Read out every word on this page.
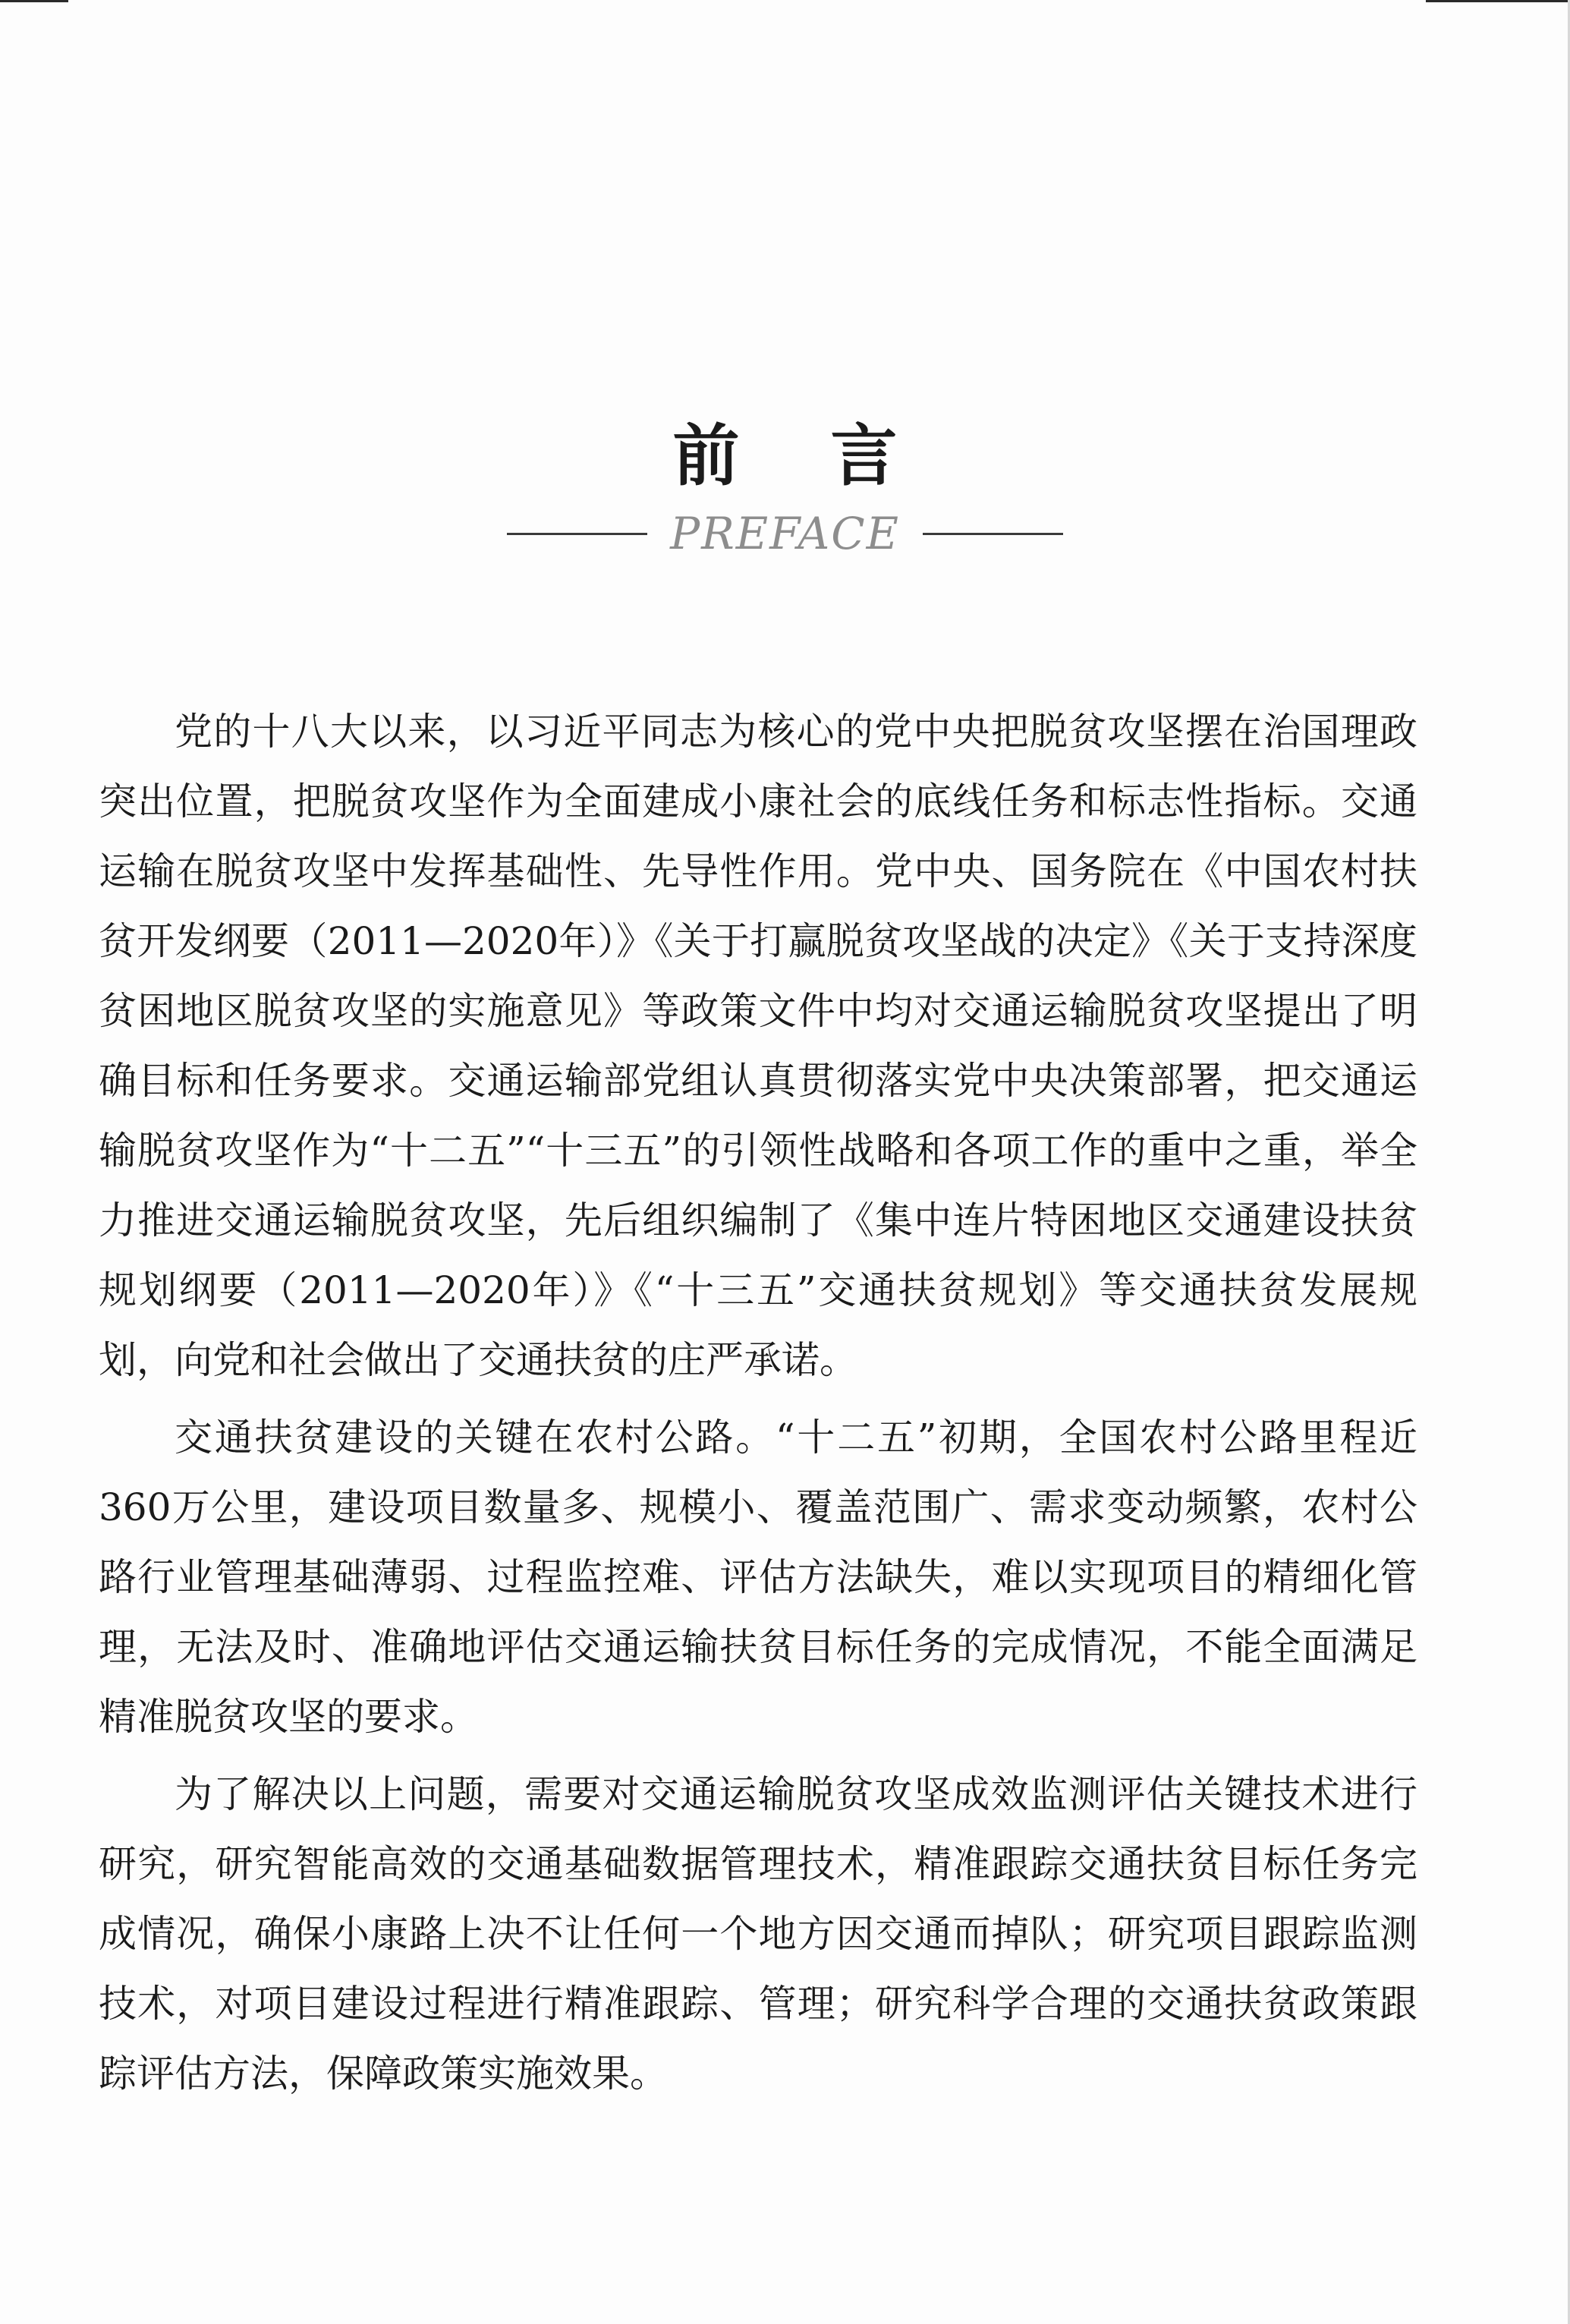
前言
PREFACE

党的十八大以来，以习近平同志为核心的党中央把脱贫攻坚摆在治国理政突出位置，把脱贫攻坚作为全面建成小康社会的底线任务和标志性指标。交通运输在脱贫攻坚中发挥基础性、先导性作用。党中央、国务院在《中国农村扶贫开发纲要（2011—2020年）》《关于打赢脱贫攻坚战的决定》《关于支持深度贫困地区脱贫攻坚的实施意见》等政策文件中均对交通运输脱贫攻坚提出了明确目标和任务要求。交通运输部党组认真贯彻落实党中央决策部署，把交通运输脱贫攻坚作为“十二五”“十三五”的引领性战略和各项工作的重中之重，举全力推进交通运输脱贫攻坚，先后组织编制了《集中连片特困地区交通建设扶贫规划纲要（2011—2020年）》《“十三五”交通扶贫规划》等交通扶贫发展规划，向党和社会做出了交通扶贫的庄严承诺。

交通扶贫建设的关键在农村公路。“十二五”初期，全国农村公路里程近360万公里，建设项目数量多、规模小、覆盖范围广、需求变动频繁，农村公路行业管理基础薄弱、过程监控难、评估方法缺失，难以实现项目的精细化管理，无法及时、准确地评估交通运输扶贫目标任务的完成情况，不能全面满足精准脱贫攻坚的要求。

为了解决以上问题，需要对交通运输脱贫攻坚成效监测评估关键技术进行研究，研究智能高效的交通基础数据管理技术，精准跟踪交通扶贫目标任务完成情况，确保小康路上决不让任何一个地方因交通而掉队；研究项目跟踪监测技术，对项目建设过程进行精准跟踪、管理；研究科学合理的交通扶贫政策跟踪评估方法，保障政策实施效果。
